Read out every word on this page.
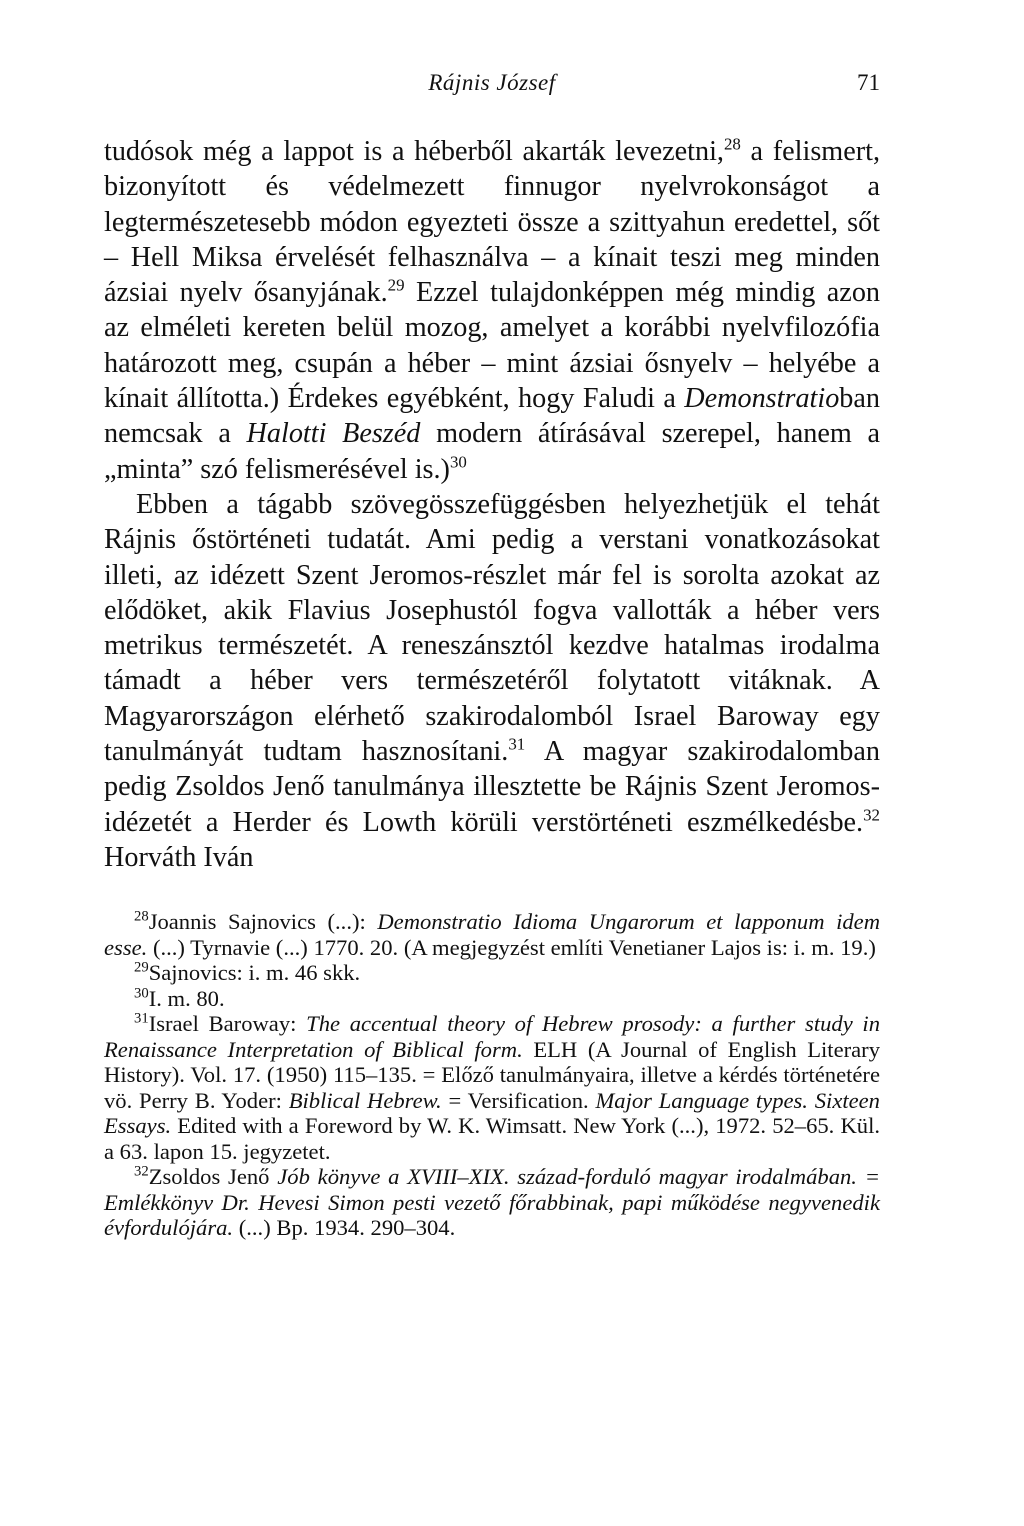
Rájnis József	71

tudósok még a lappot is a héberből akarták levezetni,$^{28}$ a felismert, bizonyított és védelmezett finnugor nyelvrokonságot a legtermészetesebb módon egyezteti össze a szittyahun eredettel, sőt – Hell Miksa érvelését felhasználva – a kínait teszi meg minden ázsiai nyelv ősanyjának.$^{29}$ Ezzel tulajdonképpen még mindig azon az elméleti kereten belül mozog, amelyet a korábbi nyelvfilozófia határozott meg, csupán a héber – mint ázsiai ősnyelv – helyébe a kínait állította.) Érdekes egyébként, hogy Faludi a Demonstratioban nemcsak a Halotti Beszéd modern átírásával szerepel, hanem a „minta” szó felismerésével is.)$^{30}$

Ebben a tágabb szövegösszefüggésben helyezhetjük el tehát Rájnis őstörténeti tudatát. Ami pedig a verstani vonatkozásokat illeti, az idézett Szent Jeromos-részlet már fel is sorolta azokat az elődöket, akik Flavius Josephustól fogva vallották a héber vers metrikus természetét. A reneszánsztól kezdve hatalmas irodalma támadt a héber vers természetéről folytatott vitáknak. A Magyarországon elérhető szakirodalomból Israel Baroway egy tanulmányát tudtam hasznosítani.$^{31}$ A magyar szakirodalomban pedig Zsoldos Jenő tanulmánya illesztette be Rájnis Szent Jeromos-idézetét a Herder és Lowth körüli verstörténeti eszmélkedésbe.$^{32}$ Horváth Iván

$^{28}$Joannis Sajnovics (...): Demonstratio Idioma Ungarorum et lapponum idem esse. (...) Tyrnavie (...) 1770. 20. (A megjegyzést említi Venetianer Lajos is: i. m. 19.)

$^{29}$Sajnovics: i. m. 46 skk.

$^{30}$I. m. 80.

$^{31}$Israel Baroway: The accentual theory of Hebrew prosody: a further study in Renaissance Interpretation of Biblical form. ELH (A Journal of English Literary History). Vol. 17. (1950) 115–135. = Előző tanulmányaira, illetve a kérdés történetére vö. Perry B. Yoder: Biblical Hebrew. = Versification. Major Language types. Sixteen Essays. Edited with a Foreword by W. K. Wimsatt. New York (...), 1972. 52–65. Kül. a 63. lapon 15. jegyzetet.

$^{32}$Zsoldos Jenő Jób könyve a XVIII–XIX. század-forduló magyar irodalmában. = Emlékkönyv Dr. Hevesi Simon pesti vezető főrabbinak, papi működése negyvenedik évfordulójára. (...) Bp. 1934. 290–304.
